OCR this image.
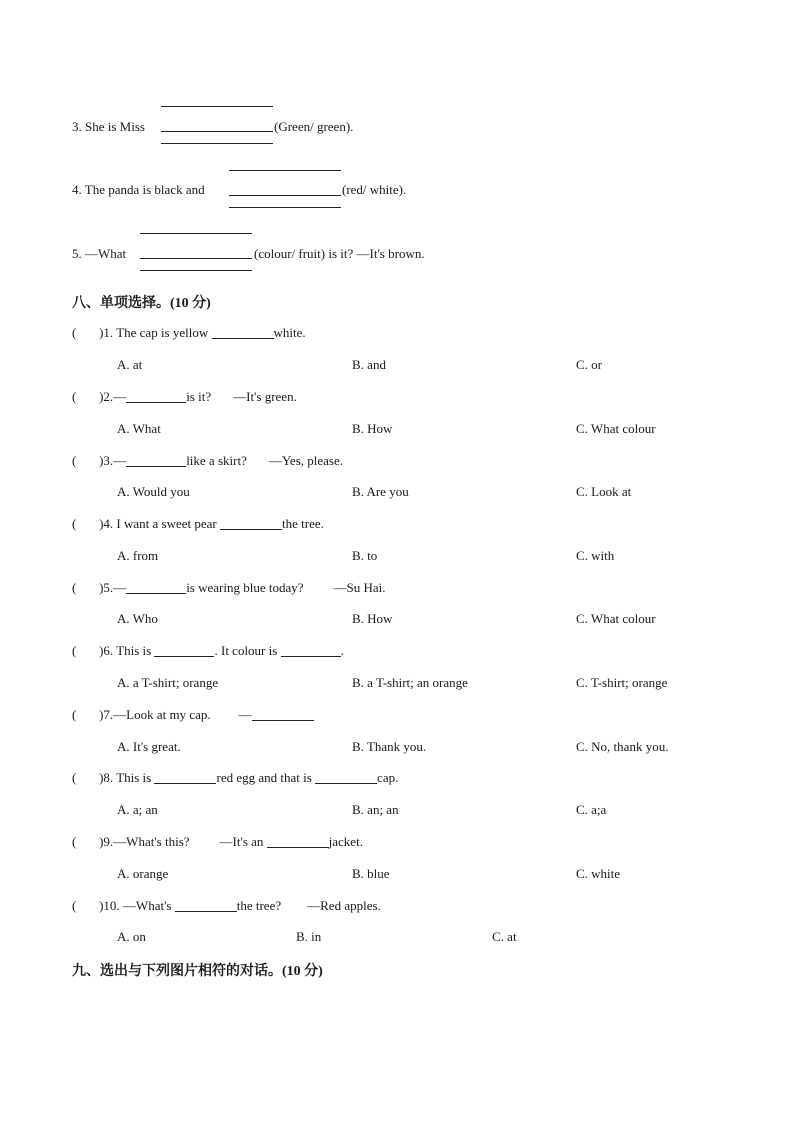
3. She is Miss	(Green/ green).
4. The panda is black and	(red/ white).
5. —What	(colour/ fruit) is it? —It's brown.
八、单项选择。(10 分)
(       )1. The cap is yellow	white.
A. at	B. and	C. or
(       )2.—	is it? —It's green.
A. What	B. How	C. What colour
(       )3.—	like a skirt? —Yes, please.
A. Would you	B. Are you	C. Look at
(       )4. I want a sweet pear	the tree.
A. from	B. to	C. with
(       )5.—	is wearing blue today? —Su Hai.
A. Who	B. How	C. What colour
(       )6. This is	. It colour is	.
A. a T-shirt; orange	B. a T-shirt; an orange	C. T-shirt; orange
(       )7.—Look at my cap. —
A. It's great.	B. Thank you.	C. No, thank you.
(       )8. This is	red egg and that is	cap.
A. a; an	B. an; an	C. a;a
(       )9.—What's this? —It's an	jacket.
A. orange	B. blue	C. white
(       )10. —What's	the tree? —Red apples.
A. on	B. in	C. at
九、选出与下列图片相符的对话。(10 分)
